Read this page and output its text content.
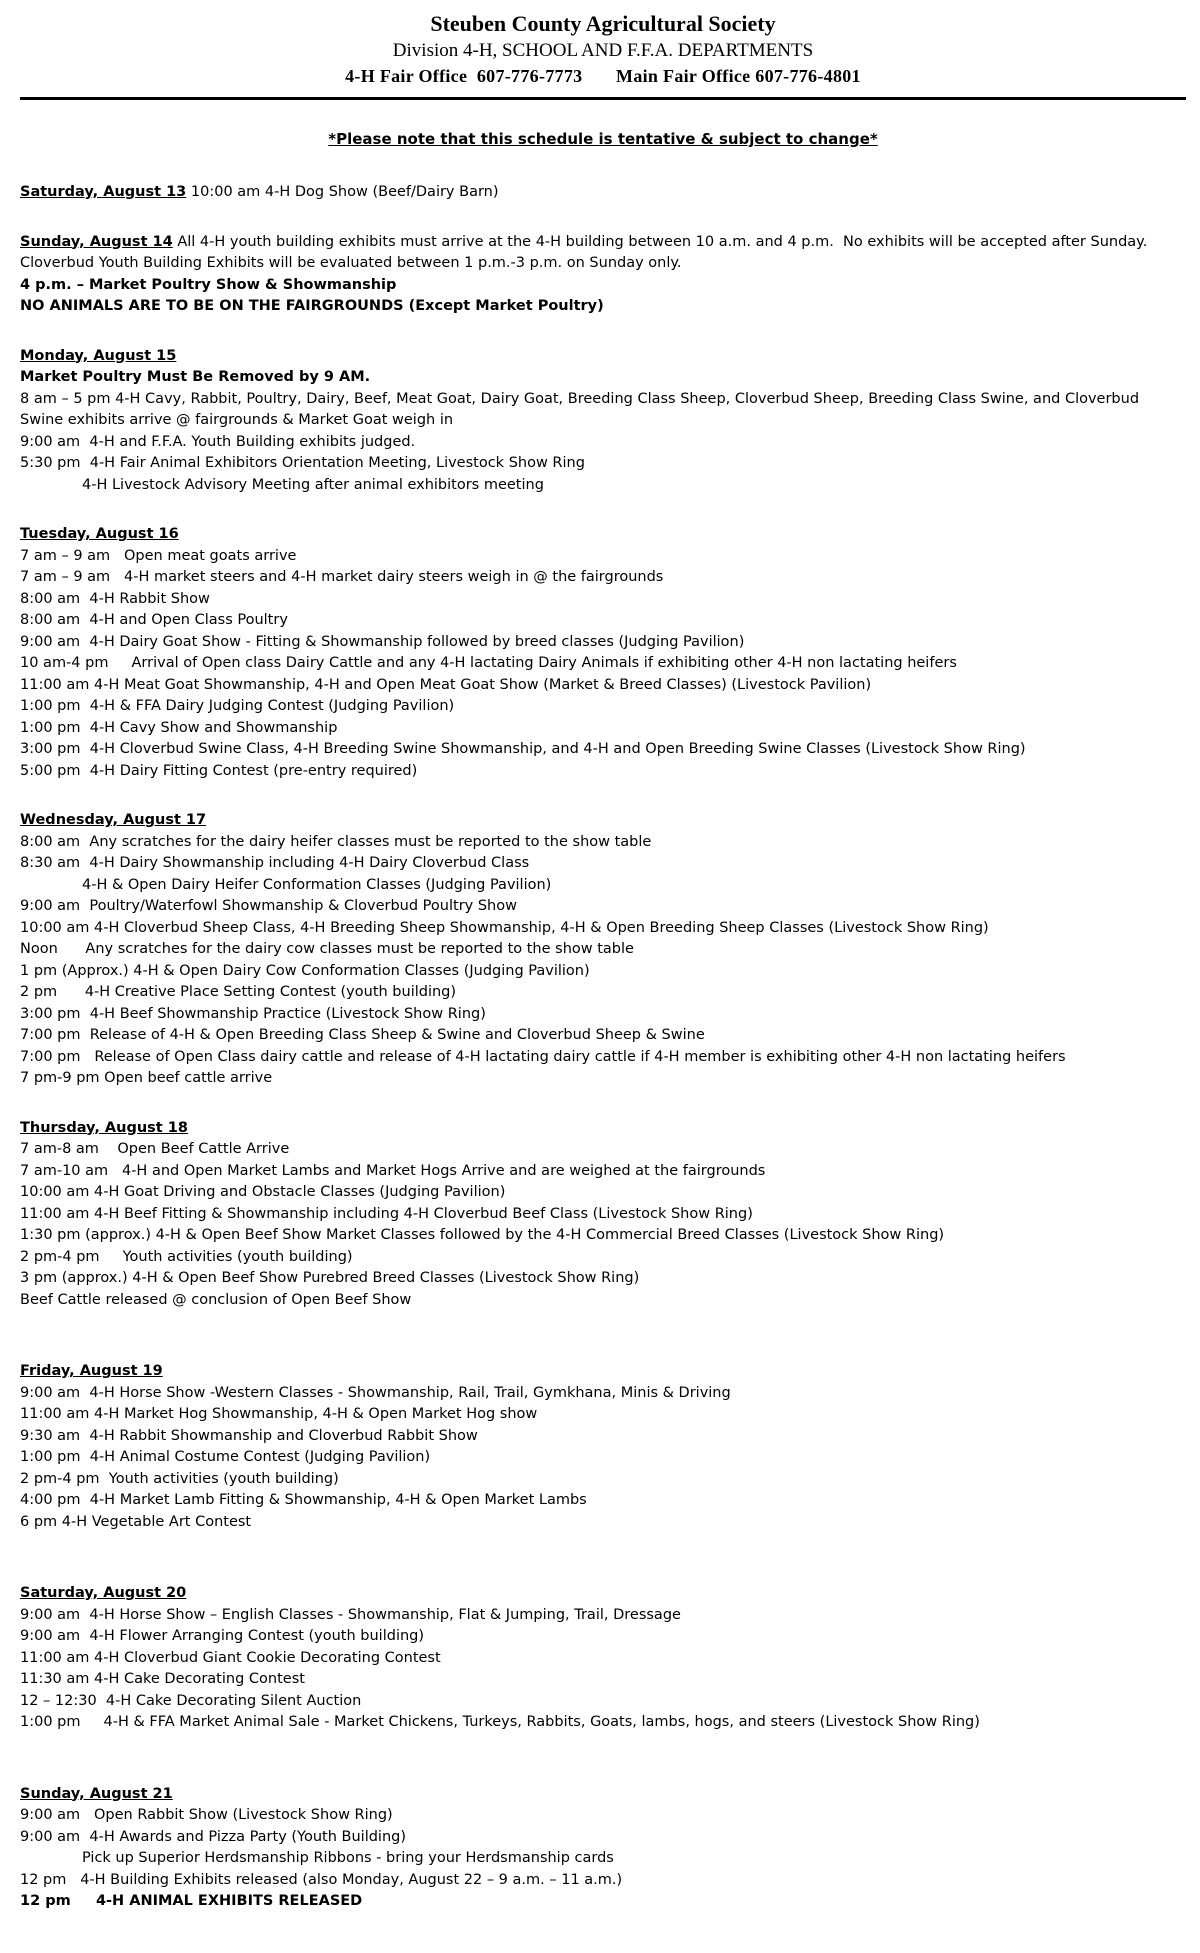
Steuben County Agricultural Society
Division 4-H, SCHOOL AND F.F.A. DEPARTMENTS
4-H Fair Office  607-776-7773       Main Fair Office 607-776-4801
*Please note that this schedule is tentative & subject to change*
Saturday, August 13 10:00 am 4-H Dog Show (Beef/Dairy Barn)
Sunday, August 14 All 4-H youth building exhibits must arrive at the 4-H building between 10 a.m. and 4 p.m.  No exhibits will be accepted after Sunday.
Cloverbud Youth Building Exhibits will be evaluated between 1 p.m.-3 p.m. on Sunday only.
4 p.m. – Market Poultry Show & Showmanship
NO ANIMALS ARE TO BE ON THE FAIRGROUNDS (Except Market Poultry)
Monday, August 15
Market Poultry Must Be Removed by 9 AM.
8 am – 5 pm 4-H Cavy, Rabbit, Poultry, Dairy, Beef, Meat Goat, Dairy Goat, Breeding Class Sheep, Cloverbud Sheep, Breeding Class Swine, and Cloverbud Swine exhibits arrive @ fairgrounds & Market Goat weigh in
9:00 am  4-H and F.F.A. Youth Building exhibits judged.
5:30 pm  4-H Fair Animal Exhibitors Orientation Meeting, Livestock Show Ring
4-H Livestock Advisory Meeting after animal exhibitors meeting
Tuesday, August 16
7 am – 9 am   Open meat goats arrive
7 am – 9 am   4-H market steers and 4-H market dairy steers weigh in @ the fairgrounds
8:00 am  4-H Rabbit Show
8:00 am  4-H and Open Class Poultry
9:00 am  4-H Dairy Goat Show - Fitting & Showmanship followed by breed classes (Judging Pavilion)
10 am-4 pm     Arrival of Open class Dairy Cattle and any 4-H lactating Dairy Animals if exhibiting other 4-H non lactating heifers
11:00 am 4-H Meat Goat Showmanship, 4-H and Open Meat Goat Show (Market & Breed Classes) (Livestock Pavilion)
1:00 pm  4-H & FFA Dairy Judging Contest (Judging Pavilion)
1:00 pm  4-H Cavy Show and Showmanship
3:00 pm  4-H Cloverbud Swine Class, 4-H Breeding Swine Showmanship, and 4-H and Open Breeding Swine Classes (Livestock Show Ring)
5:00 pm  4-H Dairy Fitting Contest (pre-entry required)
Wednesday, August 17
8:00 am  Any scratches for the dairy heifer classes must be reported to the show table
8:30 am  4-H Dairy Showmanship including 4-H Dairy Cloverbud Class
4-H & Open Dairy Heifer Conformation Classes (Judging Pavilion)
9:00 am  Poultry/Waterfowl Showmanship & Cloverbud Poultry Show
10:00 am 4-H Cloverbud Sheep Class, 4-H Breeding Sheep Showmanship, 4-H & Open Breeding Sheep Classes (Livestock Show Ring)
Noon      Any scratches for the dairy cow classes must be reported to the show table
1 pm (Approx.) 4-H & Open Dairy Cow Conformation Classes (Judging Pavilion)
2 pm      4-H Creative Place Setting Contest (youth building)
3:00 pm  4-H Beef Showmanship Practice (Livestock Show Ring)
7:00 pm  Release of 4-H & Open Breeding Class Sheep & Swine and Cloverbud Sheep & Swine
7:00 pm   Release of Open Class dairy cattle and release of 4-H lactating dairy cattle if 4-H member is exhibiting other 4-H non lactating heifers
7 pm-9 pm Open beef cattle arrive
Thursday, August 18
7 am-8 am    Open Beef Cattle Arrive
7 am-10 am   4-H and Open Market Lambs and Market Hogs Arrive and are weighed at the fairgrounds
10:00 am 4-H Goat Driving and Obstacle Classes (Judging Pavilion)
11:00 am 4-H Beef Fitting & Showmanship including 4-H Cloverbud Beef Class (Livestock Show Ring)
1:30 pm (approx.) 4-H & Open Beef Show Market Classes followed by the 4-H Commercial Breed Classes (Livestock Show Ring)
2 pm-4 pm     Youth activities (youth building)
3 pm (approx.) 4-H & Open Beef Show Purebred Breed Classes (Livestock Show Ring)
Beef Cattle released @ conclusion of Open Beef Show
Friday, August 19
9:00 am  4-H Horse Show -Western Classes - Showmanship, Rail, Trail, Gymkhana, Minis & Driving
11:00 am 4-H Market Hog Showmanship, 4-H & Open Market Hog show
9:30 am  4-H Rabbit Showmanship and Cloverbud Rabbit Show
1:00 pm  4-H Animal Costume Contest (Judging Pavilion)
2 pm-4 pm  Youth activities (youth building)
4:00 pm  4-H Market Lamb Fitting & Showmanship, 4-H & Open Market Lambs
6 pm 4-H Vegetable Art Contest
Saturday, August 20
9:00 am  4-H Horse Show – English Classes - Showmanship, Flat & Jumping, Trail, Dressage
9:00 am  4-H Flower Arranging Contest (youth building)
11:00 am 4-H Cloverbud Giant Cookie Decorating Contest
11:30 am 4-H Cake Decorating Contest
12 – 12:30  4-H Cake Decorating Silent Auction
1:00 pm     4-H & FFA Market Animal Sale - Market Chickens, Turkeys, Rabbits, Goats, lambs, hogs, and steers (Livestock Show Ring)
Sunday, August 21
9:00 am   Open Rabbit Show (Livestock Show Ring)
9:00 am  4-H Awards and Pizza Party (Youth Building)
Pick up Superior Herdsmanship Ribbons - bring your Herdsmanship cards
12 pm   4-H Building Exhibits released (also Monday, August 22 – 9 a.m. – 11 a.m.)
12 pm     4-H ANIMAL EXHIBITS RELEASED
